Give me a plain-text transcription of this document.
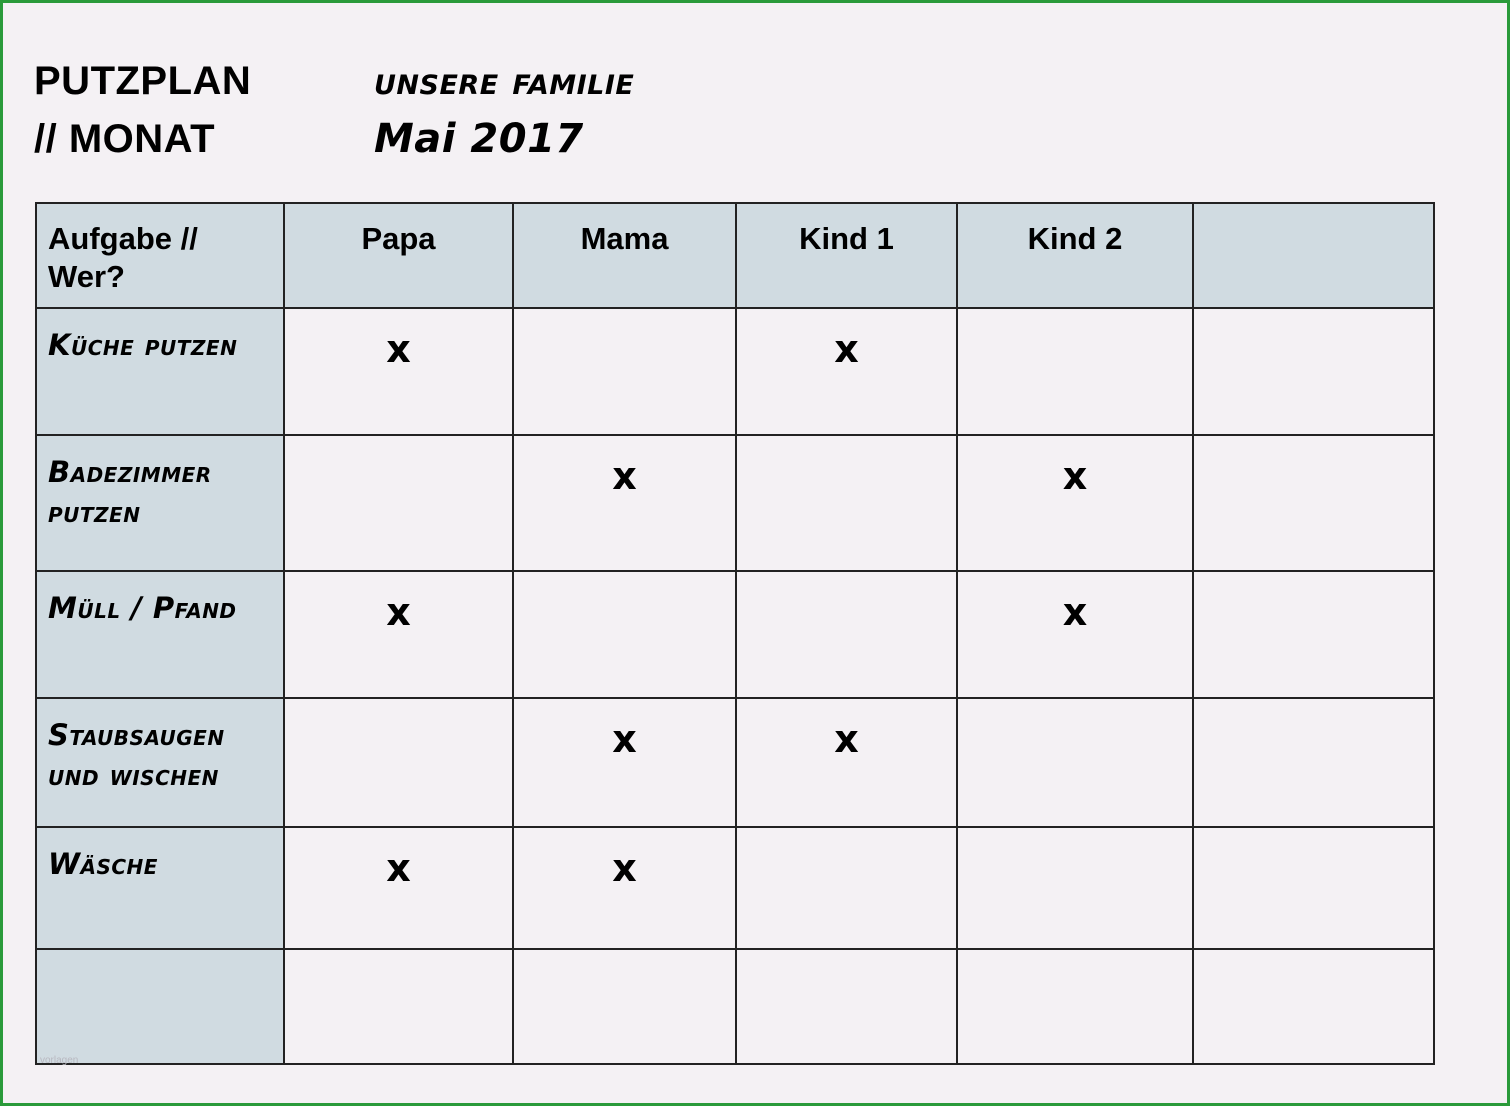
PUTZPLAN
// MONAT
unsere familie
Mai 2017
Aufgabe //
Wer?	Papa	Mama	Kind 1	Kind 2	

Küche putzen	x		x		

Badezimmer
putzen		x		x	

Müll / Pfand	x			x	

Staubsaugen
und wischen		x	x		

Wäsche	x	x			

vorlagen
